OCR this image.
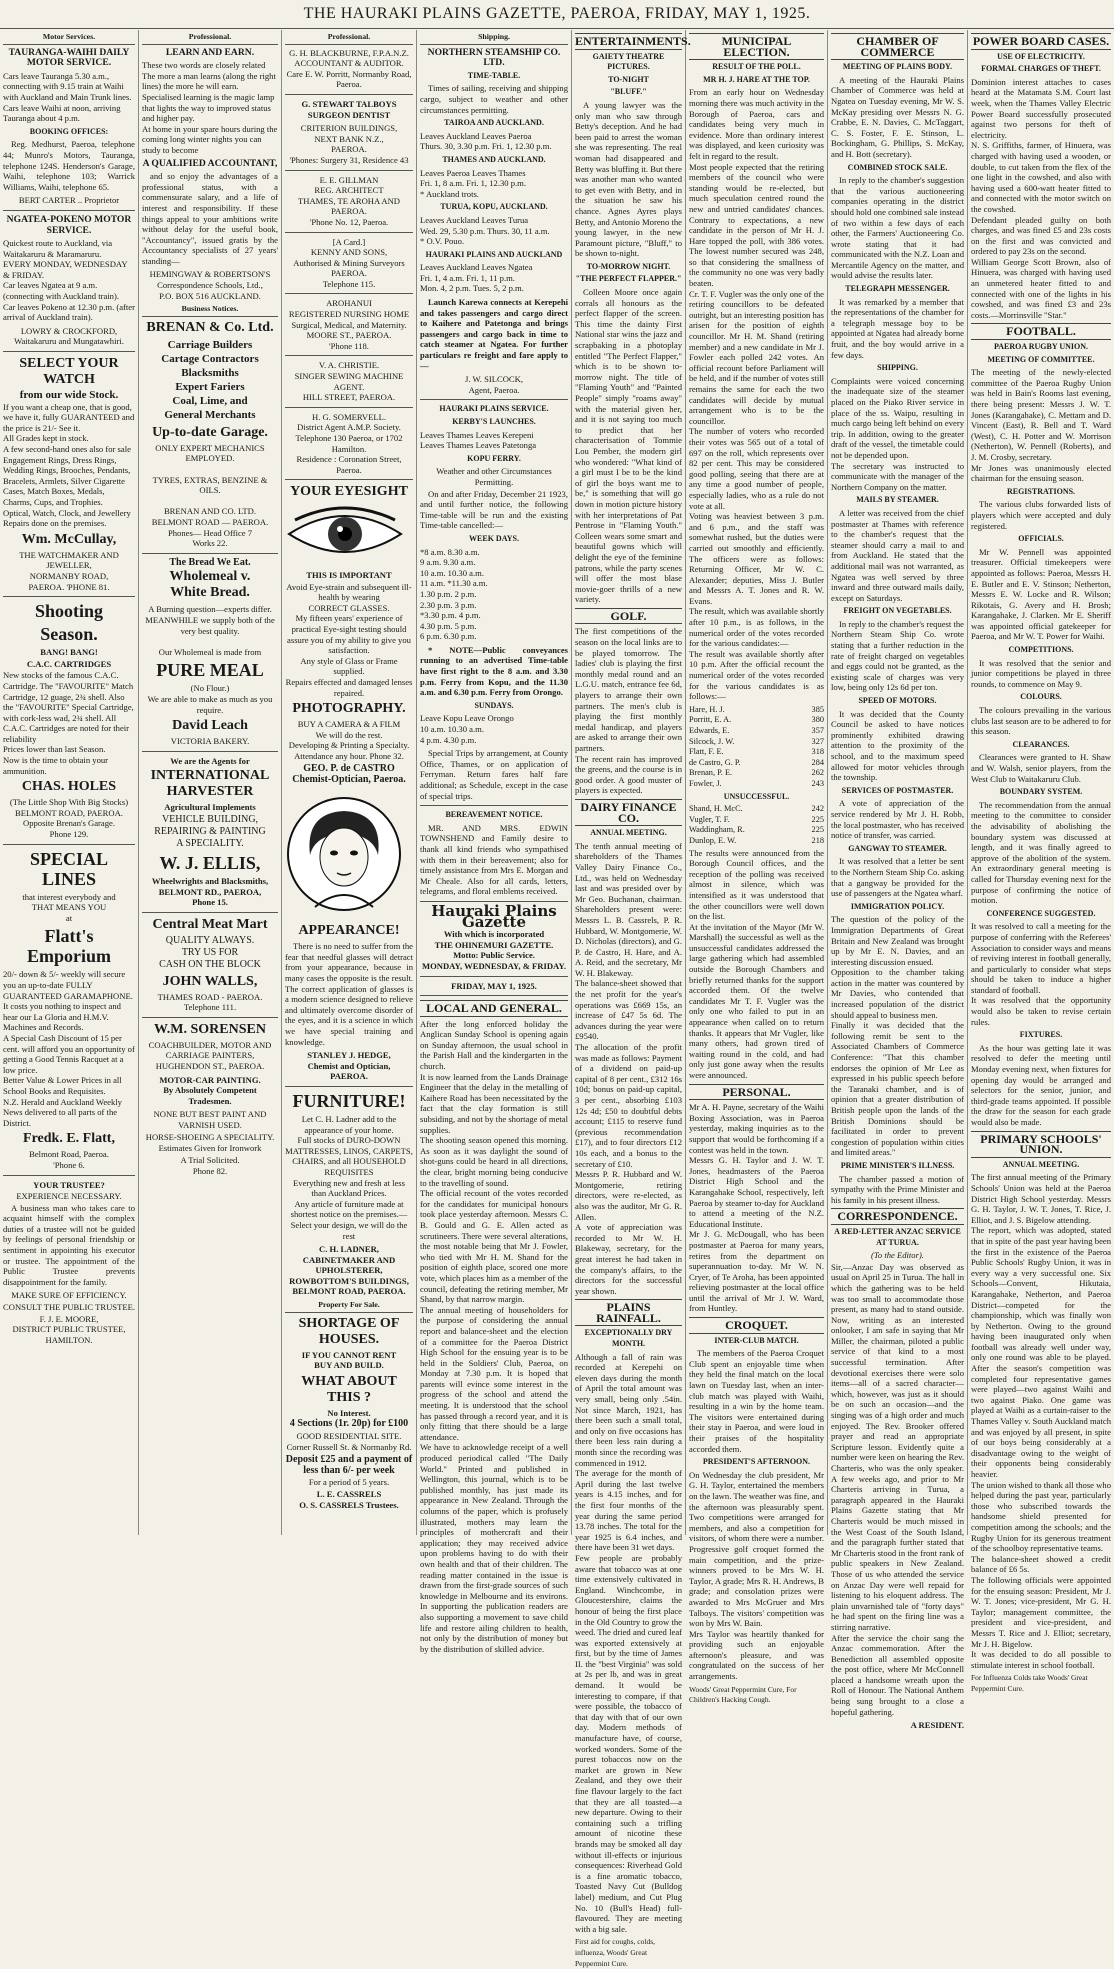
THE HAURAKI PLAINS GAZETTE, PAEROA, FRIDAY, MAY 1, 1925.
Motor Services.
TAURANGA-WAIHI DAILY MOTOR SERVICE.
Cars leave Tauranga 5.30 a.m., connecting with 9.15 train at Waihi with Auckland and Main Trunk lines.
Cars leave Waihi at noon, arriving Tauranga about 4 p.m.
BOOKING OFFICES:

Reg. Medhurst, Paeroa, telephone 44; Munro's Motors, Tauranga, telephone 124S. Henderson's Garage, Waihi, telephone 103; Warrick Williams, Waihi, telephone 65.

BERT CARTER .. Proprietor
NGATEA-POKENO MOTOR SERVICE.
Quickest route to Auckland, via Waitakaruru & Maramaruru.
EVERY MONDAY, WEDNESDAY & FRIDAY.
Car leaves Ngatea at 9 a.m. (connecting with Auckland train).
Car leaves Pokeno at 12.30 p.m. (after arrival of Auckland train).
LOWRY & CROCKFORD, Waitakaruru and Mungatawhiri.
SELECT YOUR WATCH
from our wide Stock.
If you want a cheap one, that is good, we have it, fully GUARANTEED and the price is 21/- See it.
All Grades kept in stock.
A few second-hand ones also for sale
Engagement Rings, Dress Rings, Wedding Rings, Brooches, Pendants, Bracelets, Armlets, Silver Cigarette Cases, Match Boxes, Medals, Charms, Cups, and Trophies.
Optical, Watch, Clock, and Jewellery Repairs done on the premises.
Wm. McCullay,
THE WATCHMAKER AND JEWELLER,
NORMANBY ROAD,
PAEROA. 'PHONE 81.
Shooting
Season.
BANG! BANG!
C.A.C. CARTRIDGES
New stocks of the famous C.A.C. Cartridge. The "FAVOURITE" Match Cartridge, 12 guage, 2¾ shell. Also the "FAVOURITE" Special Cartridge, with cork-less wad, 2¾ shell. All C.A.C. Cartridges are noted for their reliability
Prices lower than last Season.
Now is the time to obtain your ammunition.
CHAS. HOLES
(The Little Shop With Big Stocks)
BELMONT ROAD, PAEROA.
Opposite Brenan's Garage.
Phone 129.
SPECIAL LINES
that interest everybody and
THAT MEANS YOU
at
Flatt's Emporium
20/- down & 5/- weekly will secure you an up-to-date FULLY GUARANTEED GARAMAPHONE.
It costs you nothing to inspect and hear our La Gloria and H.M.V. Machines and Records.
A Special Cash Discount of 15 per cent. will afford you an opportunity of getting a Good Tennis Racquet at a low price.
Better Value & Lower Prices in all School Books and Requisites.
N.Z. Herald and Auckland Weekly News delivered to all parts of the District.
Fredk. E. Flatt,
Belmont Road, Paeroa.
'Phone 6.
YOUR TRUSTEE?
EXPERIENCE NECESSARY.

A business man who takes care to acquaint himself with the complex duties of a trustee will not be guided by feelings of personal friendship or sentiment in appointing his executor or trustee. The appointment of the Public Trustee prevents disappointment for the family.

MAKE SURE OF EFFICIENCY.
CONSULT THE PUBLIC TRUSTEE.
F. J. E. MOORE,
DISTRICT PUBLIC TRUSTEE,
HAMILTON.
Professional.
LEARN AND EARN.
These two words are closely related The more a man learns (along the right lines) the more he will earn.
Specialised learning is the magic lamp that lights the way to improved status and higher pay.
At home in your spare hours during the coming long winter nights you can study to become
A QUALIFIED ACCOUNTANT,

and so enjoy the advantages of a professional status, with a commensurate salary, and a life of interest and responsibility. If these things appeal to your ambitions write without delay for the useful book, "Accountancy", issued gratis by the Accountancy specialists of 27 years' standing—

HEMINGWAY & ROBERTSON'S
Correspondence Schools, Ltd.,
P.O. BOX 516 AUCKLAND.
Business Notices.
BRENAN & Co. Ltd.
Carriage Builders
Cartage Contractors
Blacksmiths
Expert Fariers
Coal, Lime, and
General Merchants
Up-to-date Garage.
ONLY EXPERT MECHANICS EMPLOYED.

TYRES, EXTRAS, BENZINE & OILS.

BRENAN AND CO. LTD.
BELMONT ROAD — PAEROA.
Phones— Head Office 7
Works 22.
The Bread We Eat.
Wholemeal v.
White Bread.
A Burning question—experts differ.
MEANWHILE we supply both of the very best quality.

Our Wholemeal is made from
PURE MEAL
(No Flour.)
We are able to make as much as you require.
David Leach
VICTORIA BAKERY.
We are the Agents for
INTERNATIONAL HARVESTER
Agricultural Implements
VEHICLE BUILDING,
REPAIRING & PAINTING
A SPECIALITY.
W. J. ELLIS,
Wheelwrights and Blacksmiths,
BELMONT RD., PAEROA,
Phone 15.
Central Meat Mart
QUALITY ALWAYS.
TRY US FOR
CASH ON THE BLOCK
JOHN WALLS,
THAMES ROAD - PAEROA.
Telephone 111.
W.M. SORENSEN
COACHBUILDER, MOTOR AND CARRIAGE PAINTERS,
HUGHENDON ST., PAEROA.
MOTOR-CAR PAINTING.
By Absolutely Competent Tradesmen.
NONE BUT BEST PAINT AND VARNISH USED.
HORSE-SHOEING A SPECIALITY.
Estimates Given for Ironwork
A Trial Solicited.
Phone 82.
Professional.
G. H. BLACKBURNE, F.P.A.N.Z.
ACCOUNTANT & AUDITOR.
Care E. W. Porritt, Normanby Road, Paeroa.
G. STEWART TALBOYS
SURGEON DENTIST
CRITERION BUILDINGS,
NEXT BANK N.Z.,
PAEROA.
'Phones: Surgery 31, Residence 43
E. E. GILLMAN
REG. ARCHITECT
THAMES, TE AROHA AND PAEROA.
'Phone No. 12, Paeroa.
[A Card.]
KENNY AND SONS,
Authorised & Mining Surveyors
PAEROA.
Telephone 115.
AROHANUI
REGISTERED NURSING HOME
Surgical, Medical, and Maternity.
MOORE ST., PAEROA.
'Phone 118.
V. A. CHRISTIE.
SINGER SEWING MACHINE AGENT.
HILL STREET, PAEROA.
H. G. SOMERVELL.
District Agent A.M.P. Society.
Telephone 130 Paeroa, or 1702 Hamilton.
Residence : Coronation Street, Paeroa.
YOUR EYESIGHT
THIS IS IMPORTANT
Avoid Eye-strain and subsequent ill-health by wearing
CORRECT GLASSES.
My fifteen years' experience of practical Eye-sight testing should assure you of my ability to give you satisfaction.
Any style of Glass or Frame supplied.
Repairs effected and damaged lenses repaired.
PHOTOGRAPHY.
BUY A CAMERA & A FILM
We will do the rest.
Developing & Printing a Specialty.
Attendance any hour. Phone 32.
GEO. P. de CASTRO
Chemist-Optician, Paeroa.
APPEARANCE!

There is no need to suffer from the fear that needful glasses will detract from your appearance, because in many cases the opposite is the result. The correct application of glasses is a modern science designed to relieve and ultimately overcome disorder of the eyes, and it is a science in which we have special training and knowledge.

STANLEY J. HEDGE,
Chemist and Optician,
PAEROA.
FURNITURE!
Let C. H. Ladner add to the appearance of your home.
Full stocks of DURO-DOWN MATTRESSES, LINOS, CARPETS, CHAIRS, and all HOUSEHOLD REQUISITES
Everything new and fresh at less than Auckland Prices.
Any article of furniture made at shortest notice on the premises.— Select your design, we will do the rest
C. H. LADNER,
CABINETMAKER AND UPHOLSTERER,
ROWBOTTOM'S BUILDINGS,
BELMONT ROAD, PAEROA.
Property For Sale.
SHORTAGE OF HOUSES.
IF YOU CANNOT RENT
BUY AND BUILD.
WHAT ABOUT THIS ?
No Interest.
4 Sections (1r. 20p) for £100
GOOD RESIDENTIAL SITE.
Corner Russell St. & Normanby Rd.
Deposit £25 and a payment of less than 6/- per week
For a period of 5 years.
L. E. CASSRELS
O. S. CASSRELS Trustees.
Shipping.
NORTHERN STEAMSHIP CO. LTD.
TIME-TABLE.

Times of sailing, receiving and shipping cargo, subject to weather and other circumstances permitting.

TAIROA AND AUCKLAND.
Leaves Auckland Leaves Paeroa
Thurs. 30, 3.30 p.m. Fri. 1, 12.30 p.m.
THAMES AND AUCKLAND.
Leaves Paeroa Leaves Thames
Fri. 1, 8 a.m. Fri. 1, 12.30 p.m.
* Auckland trots.
TURUA, KOPU, AUCKLAND.
Leaves Auckland Leaves Turua
Wed. 29, 5.30 p.m. Thurs. 30, 11 a.m.
* O.V. Pouo.
HAURAKI PLAINS AND AUCKLAND
Leaves Auckland Leaves Ngatea
Fri. 1, 4 a.m. Fri. 1, 11 p.m.
Mon. 4, 2 p.m. Tues. 5, 2 p.m.

Launch Karewa connects at Kerepehi and takes passengers and cargo direct to Kaihere and Patetonga and brings passengers and cargo back in time to catch steamer at Ngatea. For further particulars re freight and fare apply to—

J. W. SILCOCK,
Agent, Paeroa.
HAURAKI PLAINS SERVICE.
KERBY'S LAUNCHES.
Leaves Thames Leaves Kerepeni
Leaves Thames Leaves Patetonga
KOPU FERRY.
Weather and other Circumstances Permitting.

On and after Friday, December 21 1923, and until further notice, the following Time-table will be run and the existing Time-table cancelled:—

WEEK DAYS.
*8 a.m. 8.30 a.m.
9 a.m. 9.30 a.m.
10 a.m. 10.30 a.m.
11 a.m. *11.30 a.m.
1.30 p.m. 2 p.m.
2.30 p.m. 3 p.m.
*3.30 p.m. 4 p.m.
4.30 p.m. 5 p.m.
6 p.m. 6.30 p.m.

* NOTE—Public conveyances running to an advertised Time-table have first right to the 8 a.m. and 3.30 p.m. Ferry from Kopu, and the 11.30 a.m. and 6.30 p.m. Ferry from Orongo.

SUNDAYS.
Leave Kopu Leave Orongo
10 a.m. 10.30 a.m.
4 p.m. 4.30 p.m.

Special Trips by arrangement, at County Office, Thames, or on application of Ferryman. Return fares half fare additional; as Schedule, except in the case of special trips.

BEREAVEMENT NOTICE.

MR. AND MRS. EDWIN TOWNSHEND and Family desire to thank all kind friends who sympathised with them in their bereavement; also for timely assistance from Mrs E. Morgan and Mr Cheale. Also for all cards, letters, telegrams, and floral emblems received.

Hauraki Plains Gazette
With which is incorporated
THE OHINEMURI GAZETTE.
Motto: Public Service.
MONDAY, WEDNESDAY, & FRIDAY.
FRIDAY, MAY 1, 1925.
LOCAL AND GENERAL.
After the long enforced holiday the Anglican Sunday School is opening again on Sunday afternoon, the usual school in the Parish Hall and the kindergarten in the church.
It is now learned from the Lands Drainage Engineer that the delay in the metalling of Kaihere Road has been necessitated by the fact that the clay formation is still subsiding, and not by the shortage of metal supplies.
The shooting season opened this morning. As soon as it was daylight the sound of shot-guns could be heard in all directions, the clear, bright morning being conducive to the travelling of sound.
The official recount of the votes recorded for the candidates for municipal honours took place yesterday afternoon. Messrs C. B. Gould and G. E. Allen acted as scrutineers. There were several alterations, the most notable being that Mr J. Fowler, who tied with Mr H. M. Shand for the position of eighth place, scored one more vote, which places him as a member of the council, defeating the retiring member, Mr Shand, by that narrow margin.
The annual meeting of householders for the purpose of considering the annual report and balance-sheet and the election of a committee for the Paeroa District High School for the ensuing year is to be held in the Soldiers' Club, Paeroa, on Monday at 7.30 p.m. It is hoped that parents will evince some interest in the progress of the school and attend the meeting. It is understood that the school has passed through a record year, and it is only fitting that there should be a large attendance.
We have to acknowledge receipt of a well produced periodical called "The Daily World." Printed and published in Wellington, this journal, which is to be published monthly, has just made its appearance in New Zealand. Through the columns of the paper, which is profusely illustrated, mothers may learn the principles of mothercraft and their application; they may received advice upon problems having to do with their own health and that of their children. The reading matter contained in the issue is drawn from the first-grade sources of such knowledge in Melbourne and its environs. In supporting the publication readers are also supporting a movement to save child life and restore ailing children to health, not only by the distribution of money but by the distribution of skilled advice.
ENTERTAINMENTS.
GAIETY THEATRE PICTURES.
TO-NIGHT
"BLUFF."

A young lawyer was the only man who saw through Betty's deception. And he had been paid to arrest the woman she was representing. The real woman had disappeared and Betty was bluffing it. But there was another man who wanted to get even with Betty, and in the situation he saw his chance. Agnes Ayres plays Betty, and Antonio Moreno the young lawyer, in the new Paramount picture, "Bluff," to be shown to-night.

TO-MORROW NIGHT.
"THE PERFECT FLAPPER."

Colleen Moore once again corrals all honours as the perfect flapper of the screen. This time the dainty First National star wins the jazz and scrapbaking in a photoplay entitled "The Perfect Flapper," which is to be shown to-morrow night. The title of "Flaming Youth" and "Painted People" simply "roams away" with the material given her, and it is not saying too much to predict that her characterisation of Tommie Lou Pember, the modern girl who wondered: "What kind of a girl must I be to be the kind of girl the boys want me to be," is something that will go down in motion picture history with her interpretations of Pat Pentrose in "Flaming Youth." Colleen wears some smart and beautiful gowns which will delight the eye of the feminine patrons, while the party scenes will offer the most blase movie-goer thrills of a new variety.

GOLF.
The first competitions of the season on the local links are to be played tomorrow. The ladies' club is playing the first monthly medal round and an L.G.U. match, entrance fee 6d, players to arrange their own partners. The men's club is playing the first monthly medal handicap, and players are asked to arrange their own partners.
The recent rain has improved the greens, and the course is in good order. A good muster of players is expected.
DAIRY FINANCE CO.
ANNUAL MEETING.
The tenth annual meeting of shareholders of the Thames Valley Dairy Finance Co., Ltd., was held on Wednesday last and was presided over by Mr Geo. Buchanan, chairman. Shareholders present were: Messrs L. B. Cassrels, P. R. Hubbard, W. Montgomerie, W. D. Nicholas (directors), and G. P. de Castro, H. Hare, and A. A. Reid, and the secretary, Mr W. H. Blakeway.
The balance-sheet showed that the net profit for the year's operations was £669 15s, an increase of £47 5s 6d. The advances during the year were £9540.
The allocation of the profit was made as follows: Payment of a dividend on paid-up capital of 8 per cent., £312 16s 10d; bonus on paid-up capital, 3 per cent., absorbing £103 12s 4d; £50 to doubtful debts account; £115 to reserve fund (previous recommendation £17), and to four directors £12 10s each, and a bonus to the secretary of £10.
Messrs P. R. Hubbard and W. Montgomerie, retiring directors, were re-elected, as also was the auditor, Mr G. R. Allen.
A vote of appreciation was recorded to Mr W. H. Blakeway, secretary, for the great interest he had taken in the company's affairs, to the directors for the successful year shown.
PLAINS RAINFALL.
EXCEPTIONALLY DRY MONTH.
Although a fall of rain was recorded at Kerepehi on eleven days during the month of April the total amount was very small, being only .54in. Not since March, 1921, has there been such a small total, and only on five occasions has there been less rain during a month since the recording was commenced in 1912.
The average for the month of April during the last twelve years is 4.15 inches, and for the first four months of the year during the same period 13.78 inches. The total for the year 1925 is 6.4 inches, and there have been 31 wet days.
Few people are probably aware that tobacco was at one time extensively cultivated in England. Winchcombe, in Gloucestershire, claims the honour of being the first place in the Old Country to grow the weed. The dried and cured leaf was exported extensively at first, but by the time of James II. the "best Virginia" was sold at 2s per lb, and was in great demand. It would be interesting to compare, if that were possible, the tobacco of that day with that of our own day. Modern methods of manufacture have, of course, worked wonders. Some of the purest tobaccos now on the market are grown in New Zealand, and they owe their fine flavour largely to the fact that they are all toasted—a new departure. Owing to their containing such a trifling amount of nicotine these brands may be smoked all day without ill-effects or injurious consequences: Riverhead Gold is a fine aromatic tobacco, Toasted Navy Cut (Bulldog label) medium, and Cut Plug No. 10 (Bull's Head) full-flavoured. They are meeting with a big sale.
First aid for coughs, colds, influenza, Woods' Great Peppermint Cure.
MUNICIPAL ELECTION.
RESULT OF THE POLL.
MR H. J. HARE AT THE TOP.
From an early hour on Wednesday morning there was much activity in the Borough of Paeroa, cars and candidates being very much in evidence. More than ordinary interest was displayed, and keen curiosity was felt in regard to the result.
Most people expected that the retiring members of the council who were standing would be re-elected, but much speculation centred round the new and untried candidates' chances. Contrary to expectations, a new candidate in the person of Mr H. J. Hare topped the poll, with 386 votes. The lowest number secured was 248, so that considering the smallness of the community no one was very badly beaten.
Cr. T. F. Vugler was the only one of the retiring councillors to be defeated outright, but an interesting position has arisen for the position of eighth councillor. Mr H. M. Shand (retiring member) and a new candidate in Mr J. Fowler each polled 242 votes. An official recount before Parliament will be held, and if the number of votes still remains the same for each the two candidates will decide by mutual arrangement who is to be the councillor.
The number of voters who recorded their votes was 565 out of a total of 697 on the roll, which represents over 82 per cent. This may be considered good polling, seeing that there are at any time a good number of people, especially ladies, who as a rule do not vote at all.
Voting was heaviest between 3 p.m. and 6 p.m., and the staff was somewhat rushed, but the duties were carried out smoothly and efficiently. The officers were as follows: Returning Officer, Mr W. C. Alexander; deputies, Miss J. Butler and Messrs A. T. Jones and R. W. Evans.
The result, which was available shortly after 10 p.m., is as follows, in the numerical order of the votes recorded for the various candidates:—
The result was available shortly after 10 p.m. After the official recount the numerical order of the votes recorded for the various candidates is as follows:—
Hare, H. J.	385
Porritt, E. A.	380
Edwards, E.	357
Silcock, J. W.	327
Flatt, F. E.	318
de Castro, G. P.	284
Brenan, P. E.	262
Fowler, J.	243
UNSUCCESSFUL.
Shand, H. McC.	242
Vugler, T. F.	225
Waddingham, R.	225
Dunlop, E. W.	218
The results were announced from the Borough Council offices, and the reception of the polling was received almost in silence, which was intensified as it was understood that the other councillors were well down on the list.
At the invitation of the Mayor (Mr W. Marshall) the successful as well as the unsuccessful candidates addressed the large gathering which had assembled outside the Borough Chambers and briefly returned thanks for the support accorded them. Of the twelve candidates Mr T. F. Vugler was the only one who failed to put in an appearance when called on to return thanks. It appears that Mr Vugler, like many others, had grown tired of waiting round in the cold, and had only just gone away when the results were announced.
PERSONAL.
Mr A. H. Payne, secretary of the Waihi Boxing Association, was in Paeroa yesterday, making inquiries as to the support that would be forthcoming if a contest was held in the town.
Messrs G. H. Taylor and J. W. T. Jones, headmasters of the Paeroa District High School and the Karangahake School, respectively, left Paeroa by steamer to-day for Auckland to attend a meeting of the N.Z. Educational Institute.
Mr J. G. McDougall, who has been postmaster at Paeroa for many years, retires from the department on superannuation to-day. Mr W. N. Cryer, of Te Aroha, has been appointed relieving postmaster at the local office until the arrival of Mr J. W. Ward, from Huntley.
CROQUET.
INTER-CLUB MATCH.

The members of the Paeroa Croquet Club spent an enjoyable time when they held the final match on the local lawn on Tuesday last, when an inter-club match was played with Waihi, resulting in a win by the home team. The visitors were entertained during their stay in Paeroa, and were loud in their praises of the hospitality accorded them.

PRESIDENT'S AFTERNOON.
On Wednesday the club president, Mr G. H. Taylor, entertained the members on the lawn. The weather was fine, and the afternoon was pleasurably spent. Two competitions were arranged for members, and also a competition for visitors, of whom there were a number. Progressive golf croquet formed the main competition, and the prize-winners proved to be Mrs W. H. Taylor, A grade; Mrs R. H. Andrews, B grade; and consolation prizes were awarded to Mrs McGruer and Mrs Talboys. The visitors' competition was won by Mrs W. Bain.
Mrs Taylor was heartily thanked for providing such an enjoyable afternoon's pleasure, and was congratulated on the success of her arrangements.
Woods' Great Peppermint Cure, For Children's Hacking Cough.
CHAMBER OF COMMERCE
MEETING OF PLAINS BODY.

A meeting of the Hauraki Plains Chamber of Commerce was held at Ngatea on Tuesday evening, Mr W. S. McKay presiding over Messrs N. G. Crabbe, E. N. Davies, C. McTaggart, C. S. Foster, F. E. Stinson, L. Bockingham, G. Phillips, S. McKay, and H. Bott (secretary).

COMBINED STOCK SALE.

In reply to the chamber's suggestion that the various auctioneering companies operating in the district should hold one combined sale instead of two within a few days of each other, the Farmers' Auctioneering Co. wrote stating that it had communicated with the N.Z. Loan and Mercantile Agency on the matter, and would advise the results later.

TELEGRAPH MESSENGER.

It was remarked by a member that the representations of the chamber for a telegraph message boy to be appointed at Ngatea had already borne fruit, and the boy would arrive in a few days.

SHIPPING.
Complaints were voiced concerning the inadequate size of the steamer placed on the Piako River service in place of the ss. Waipu, resulting in much cargo being left behind on every trip. In addition, owing to the greater draft of the vessel, the timetable could not be depended upon.
The secretary was instructed to communicate with the manager of the Northern Company on the matter.
MAILS BY STEAMER.

A letter was received from the chief postmaster at Thames with reference to the chamber's request that the steamer should carry a mail to and from Auckland. He stated that the additional mail was not warranted, as Ngatea was well served by three inward and three outward mails daily, except on Saturdays.

FREIGHT ON VEGETABLES.

In reply to the chamber's request the Northern Steam Ship Co. wrote stating that a further reduction in the rate of freight charged on vegetables and eggs could not be granted, as the existing scale of charges was very low, being only 12s 6d per ton.

SPEED OF MOTORS.

It was decided that the County Council be asked to have notices prominently exhibited drawing attention to the proximity of the school, and to the maximum speed allowed for motor vehicles through the township.

SERVICES OF POSTMASTER.

A vote of appreciation of the service rendered by Mr J. H. Robb, the local postmaster, who has received notice of transfer, was carried.

GANGWAY TO STEAMER.

It was resolved that a letter be sent to the Northern Steam Ship Co. asking that a gangway be provided for the use of passengers at the Ngatea wharf.

IMMIGRATION POLICY.
The question of the policy of the Immigration Departments of Great Britain and New Zealand was brought up by Mr E. N. Davies, and an interesting discussion ensued.
Opposition to the chamber taking action in the matter was countered by Mr Davies, who contended that increased population of the district should appeal to business men.
Finally it was decided that the following remit be sent to the Associated Chambers of Commerce Conference: "That this chamber endorses the opinion of Mr Lee as expressed in his public speech before the Taranaki chamber, and is of opinion that a greater distribution of British people upon the lands of the British Dominions should be facilitated in order to prevent congestion of population within cities and limited areas."
PRIME MINISTER'S ILLNESS.

The chamber passed a motion of sympathy with the Prime Minister and his family in his present illness.

CORRESPONDENCE.
A RED-LETTER ANZAC SERVICE AT TURUA.
(To the Editor).
Sir,—Anzac Day was observed as usual on April 25 in Turua. The hall in which the gathering was to be held was too small to accommodate those present, as many had to stand outside. Now, writing as an interested onlooker, I am safe in saying that Mr Miller, the chairman, piloted a public service of that kind to a most successful termination. After devotional exercises there were solo items—all of a sacred character—which, however, was just as it should be on such an occasion—and the singing was of a high order and much enjoyed. The Rev. Brooker offered prayer and read an appropriate Scripture lesson. Evidently quite a number were keen on hearing the Rev. Charteris, who was the only speaker. A few weeks ago, and prior to Mr Charteris arriving in Turua, a paragraph appeared in the Hauraki Plains Gazette stating that Mr Charteris would be much missed in the West Coast of the South Island, and the paragraph further stated that Mr Charteris stood in the front rank of public speakers in New Zealand. Those of us who attended the service on Anzac Day were well repaid for listening to his eloquent address. The plain unvarnished tale of "forty days" he had spent on the firing line was a stirring narrative.
After the service the choir sang the Anzac commemoration. After the Benediction all assembled opposite the post office, where Mr McConnell placed a handsome wreath upon the Roll of Honour. The National Anthem being sung brought to a close a hopeful gathering.
A RESIDENT.
POWER BOARD CASES.
USE OF ELECTRICITY.
FORMAL CHARGES OF THEFT.
Dominion interest attaches to cases heard at the Matamata S.M. Court last week, when the Thames Valley Electric Power Board successfully prosecuted against two persons for theft of electricity.
N. S. Griffiths, farmer, of Hinuera, was charged with having used a wooden, or double, to cut taken from the flex of the one light in the cowshed, and also with having used a 600-watt heater fitted to and connected with the motor switch on the cowshed.
Defendant pleaded guilty on both charges, and was fined £5 and 23s costs on the first and was convicted and ordered to pay 23s on the second.
William George Scott Brown, also of Hinuera, was charged with having used an unmetered heater fitted to and connected with one of the lights in his cowshed, and was fined £3 and 23s costs.—Morrinsville "Star."
FOOTBALL.
PAEROA RUGBY UNION.
MEETING OF COMMITTEE.
The meeting of the newly-elected committee of the Paeroa Rugby Union was held in Bain's Rooms last evening, there being present: Messrs J. W. T. Jones (Karangahake), C. Mettam and D. Vincent (East), R. Bell and T. Ward (West), C. H. Potter and W. Morrison (Netherton), W. Pennell (Roberts), and J. M. Crosby, secretary.
Mr Jones was unanimously elected chairman for the ensuing season.
REGISTRATIONS.

The various clubs forwarded lists of players which were accepted and duly registered.

OFFICIALS.

Mr W. Pennell was appointed treasurer. Official timekeepers were appointed as follows: Paeroa, Messrs H. E. Butler and E. V. Stinson; Netherton, Messrs E. W. Locke and R. Wilson; Rikotais, G. Avery and H. Brosh; Karangahake, J. Clarken. Mr E. Sheriff was appointed official gatekeeper for Paeroa, and Mr W. T. Power for Waihi.

COMPETITIONS.

It was resolved that the senior and junior competitions be played in three rounds, to commence on May 9.

COLOURS.

The colours prevailing in the various clubs last season are to be adhered to for this season.

CLEARANCES.

Clearances were granted to H. Shaw and W. Walsh, senior players, from the West Club to Waitakaruru Club.

BOUNDARY SYSTEM.

The recommendation from the annual meeting to the committee to consider the advisability of abolishing the boundary system was discussed at length, and it was finally agreed to approve of the abolition of the system. An extraordinary general meeting is called for Thursday evening next for the purpose of confirming the notice of motion.

CONFERENCE SUGGESTED.
It was resolved to call a meeting for the purpose of conferring with the Referees' Association to consider ways and means of reviving interest in football generally, and particularly to consider what steps should be taken to induce a higher standard of football.
It was resolved that the opportunity would also be taken to revise certain rules.
FIXTURES.

As the hour was getting late it was resolved to defer the meeting until Monday evening next, when fixtures for opening day would be arranged and selectors for the senior, junior, and third-grade teams appointed. If possible the draw for the season for each grade would also be made.

PRIMARY SCHOOLS' UNION.
ANNUAL MEETING.
The first annual meeting of the Primary Schools' Union was held at the Paeroa District High School yesterday. Messrs G. H. Taylor, J. W. T. Jones, T. Rice, J. Elliot, and J. S. Bigelow attending.
The report, which was adopted, stated that in spite of the past year having been the first in the existence of the Paeroa Public Schools' Rugby Union, it was in every way a very successful one. Six Schools—Convent, Hikutaia, Karangahake, Netherton, and Paeroa District—competed for the championship, which was finally won by Netherton. Owing to the ground having been inaugurated only when football was already well under way, only one round was able to be played. After the season's competition was completed four representative games were played—two against Waihi and two against Piako. One game was played at Waihi as a curtain-raiser to the Thames Valley v. South Auckland match and was enjoyed by all present, in spite of our boys being considerably at a disadvantage owing to the weight of their opponents being considerably heavier.
The union wished to thank all those who helped during the past year, particularly those who subscribed towards the handsome shield presented for competition among the schools; and the Rugby Union for its generous treatment of the schoolboy representative teams.
The balance-sheet showed a credit balance of £6 5s.
The following officials were appointed for the ensuing season: President, Mr J. W. T. Jones; vice-president, Mr G. H. Taylor; management committee, the president and vice-president, and Messrs T. Rice and J. Elliot; secretary, Mr J. H. Bigelow.
It was decided to do all possible to stimulate interest in school football.
For Influenza Colds take Woods' Great Peppermint Cure.
